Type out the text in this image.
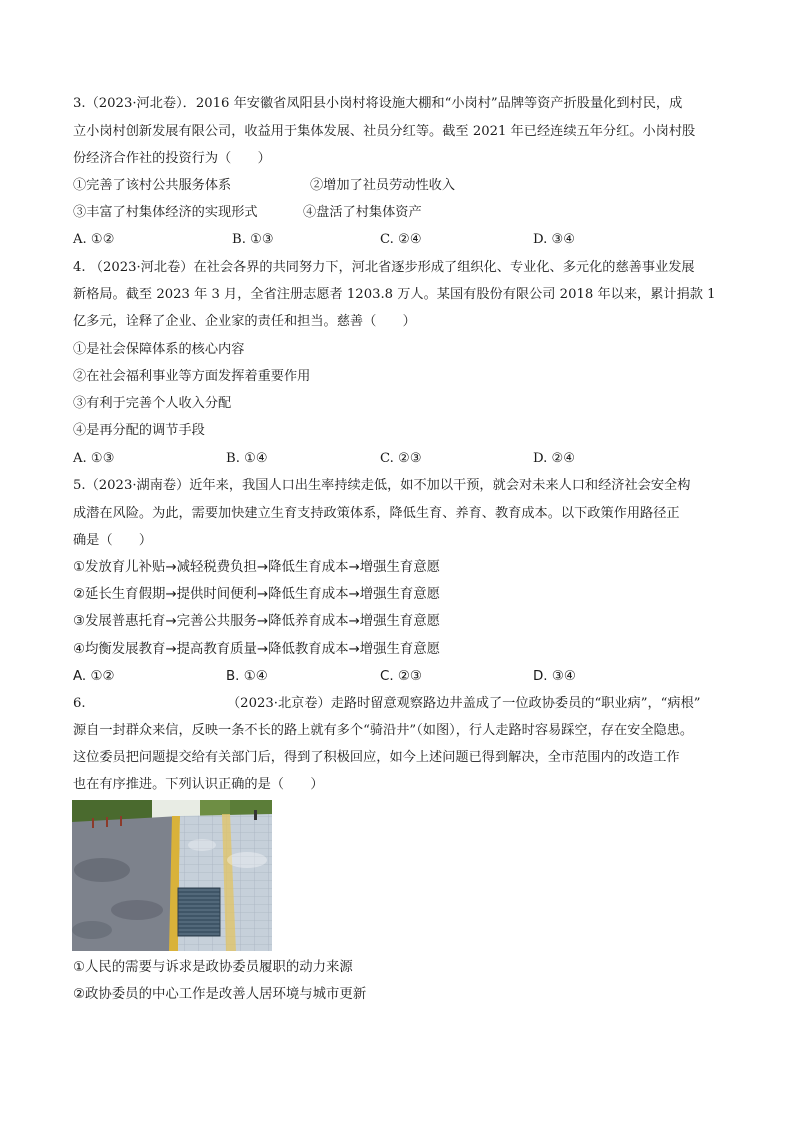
3.（2023·河北卷）．2016 年安徽省凤阳县小岗村将设施大棚和“小岗村”品牌等资产折股量化到村民，成
立小岗村创新发展有限公司，收益用于集体发展、社员分红等。截至 2021 年已经连续五年分红。小岗村股
份经济合作社的投资行为（　　）
①完善了该村公共服务体系	②增加了社员劳动性收入
③丰富了村集体经济的实现形式	④盘活了村集体资产
A. ①②	B. ①③	C. ②④	D. ③④
4. （2023·河北卷）在社会各界的共同努力下，河北省逐步形成了组织化、专业化、多元化的慈善事业发展
新格局。截至 2023 年 3 月，全省注册志愿者 1203.8 万人。某国有股份有限公司 2018 年以来，累计捐款 1
亿多元，诠释了企业、企业家的责任和担当。慈善（　　）
①是社会保障体系的核心内容
②在社会福利事业等方面发挥着重要作用
③有利于完善个人收入分配
④是再分配的调节手段
A. ①③	B. ①④	C. ②③	D. ②④
5.（2023·湖南卷）近年来，我国人口出生率持续走低，如不加以干预，就会对未来人口和经济社会安全构
成潜在风险。为此，需要加快建立生育支持政策体系，降低生育、养育、教育成本。以下政策作用路径正
确是（　　）
①发放育儿补贴→减轻税费负担→降低生育成本→增强生育意愿
②延长生育假期→提供时间便利→降低生育成本→增强生育意愿
③发展普惠托育→完善公共服务→降低养育成本→增强生育意愿
④均衡发展教育→提高教育质量→降低教育成本→增强生育意愿
A. ①②	B. ①④	C. ②③	D. ③④
6.	（2023·北京卷）走路时留意观察路边井盖成了一位政协委员的“职业病”，“病根”
源自一封群众来信，反映一条不长的路上就有多个“骑沿井”（如图），行人走路时容易踩空，存在安全隐患。
这位委员把问题提交给有关部门后，得到了积极回应，如今上述问题已得到解决，全市范围内的改造工作
也在有序推进。下列认识正确的是（　　）
①人民的需要与诉求是政协委员履职的动力来源
②政协委员的中心工作是改善人居环境与城市更新
